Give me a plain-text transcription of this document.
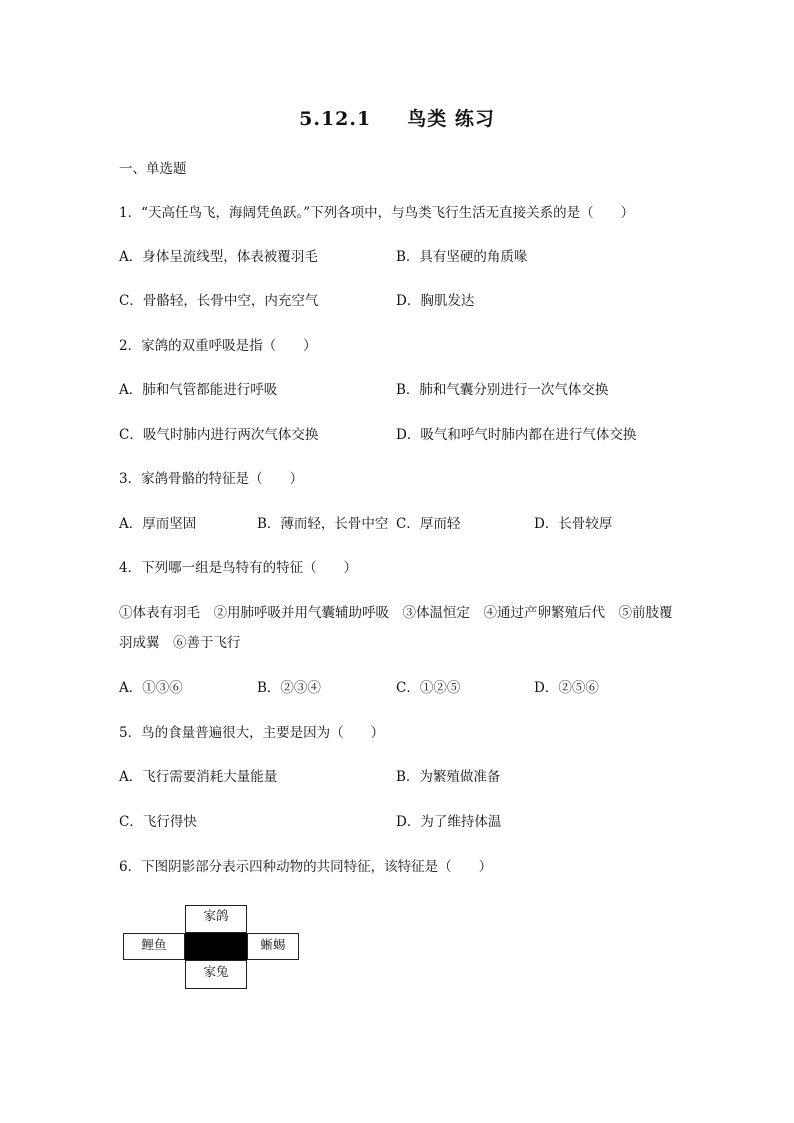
5.12.1 鸟类 练习
一、单选题
1．“天高任鸟飞，海阔凭鱼跃。”下列各项中，与鸟类飞行生活无直接关系的是（　　）
A．身体呈流线型，体表被覆羽毛	B．具有坚硬的角质喙
C．骨骼轻，长骨中空，内充空气	D．胸肌发达
2．家鸽的双重呼吸是指（　　）
A．肺和气管都能进行呼吸	B．肺和气囊分别进行一次气体交换
C．吸气时肺内进行两次气体交换	D．吸气和呼气时肺内都在进行气体交换
3．家鸽骨骼的特征是（　　）
A．厚而坚固	B．薄而轻，长骨中空 C．厚而轻	D．长骨较厚
4．下列哪一组是鸟特有的特征（　　）
①体表有羽毛　②用肺呼吸并用气囊辅助呼吸　③体温恒定　④通过产卵繁殖后代　⑤前肢覆羽成翼　⑥善于飞行
A．①③⑥	B．②③④	C．①②⑤	D．②⑤⑥
5．鸟的食量普遍很大，主要是因为（　　）
A．飞行需要消耗大量能量	B．为繁殖做准备
C．飞行得快	D．为了维持体温
6．下图阴影部分表示四种动物的共同特征，该特征是（　　）
家鸽
鲤鱼	蜥蜴
家兔
